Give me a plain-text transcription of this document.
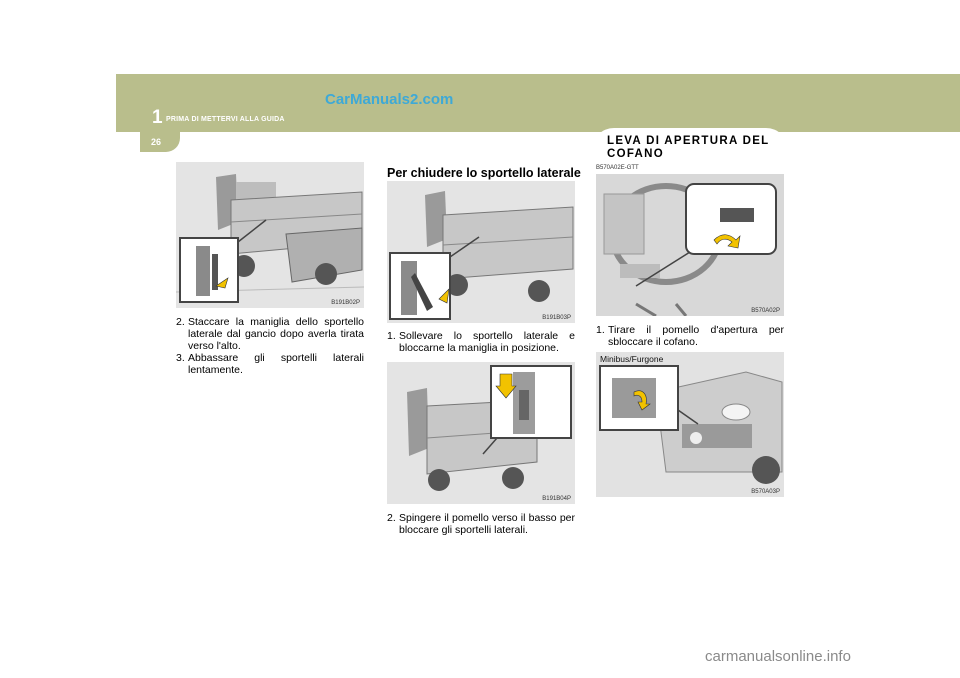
1 PRIMA DI METTERVI ALLA GUIDA
CarManuals2.com
26	LEVA DI APERTURA DEL COFANO
B191B02P
2. Staccare la maniglia dello sportello laterale dal gancio dopo averla tirata verso l'alto.
3. Abbassare gli sportelli laterali lentamente.
Per chiudere lo sportello laterale
B191B03P
1. Sollevare lo sportello laterale e bloccarne la maniglia in posizione.
B191B04P
2. Spingere il pomello verso il basso per bloccare gli sportelli laterali.
B570A02E-GTT
B570A02P
1. Tirare il pomello d'apertura per sbloccare il cofano.
B570A03P
Minibus/Furgone
carmanualsonline.info
